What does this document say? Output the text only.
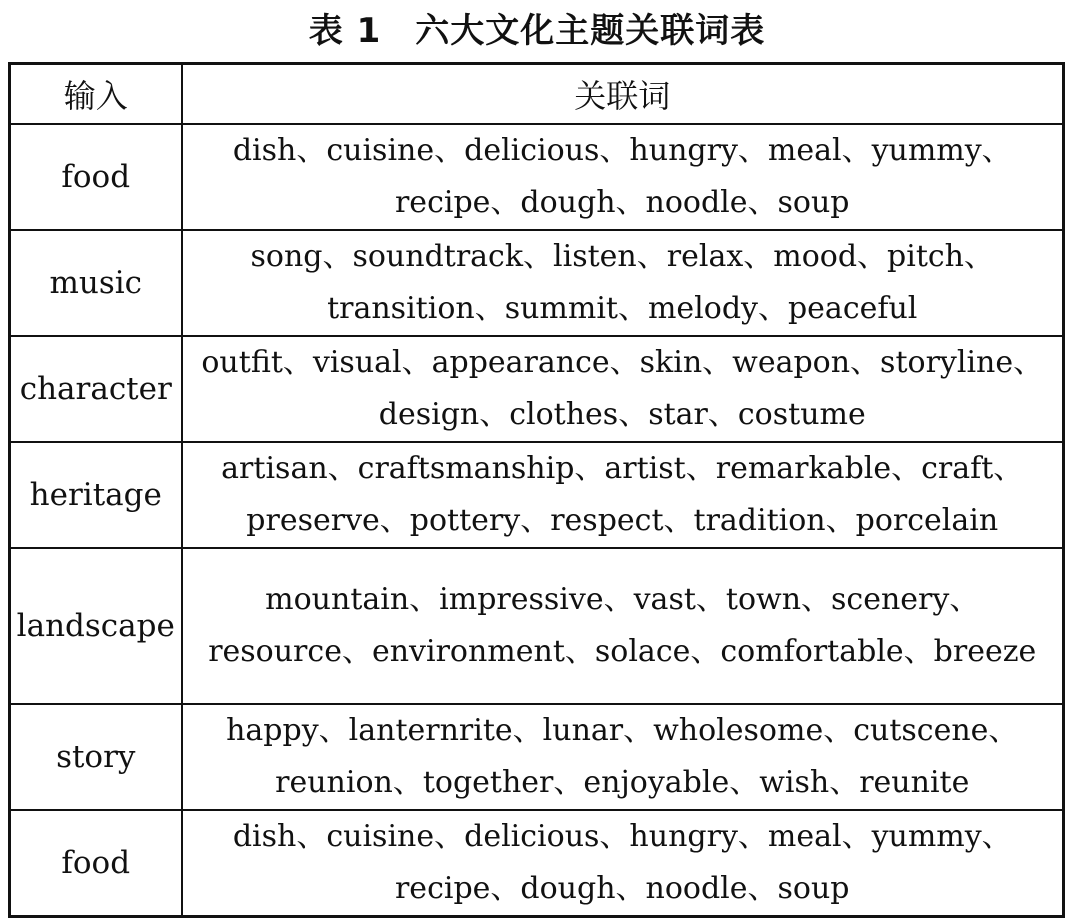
表 1 六大文化主题关联词表
输入	关联词
food	dish、cuisine、delicious、hungry、meal、yummy、recipe、dough、noodle、soup
music	song、soundtrack、listen、relax、mood、pitch、transition、summit、melody、peaceful
character	outfit、visual、appearance、skin、weapon、storyline、design、clothes、star、costume
heritage	artisan、craftsmanship、artist、remarkable、craft、preserve、pottery、respect、tradition、porcelain
landscape	mountain、impressive、vast、town、scenery、resource、environment、solace、comfortable、breeze
story	happy、lanternrite、lunar、wholesome、cutscene、reunion、together、enjoyable、wish、reunite
food	dish、cuisine、delicious、hungry、meal、yummy、recipe、dough、noodle、soup
